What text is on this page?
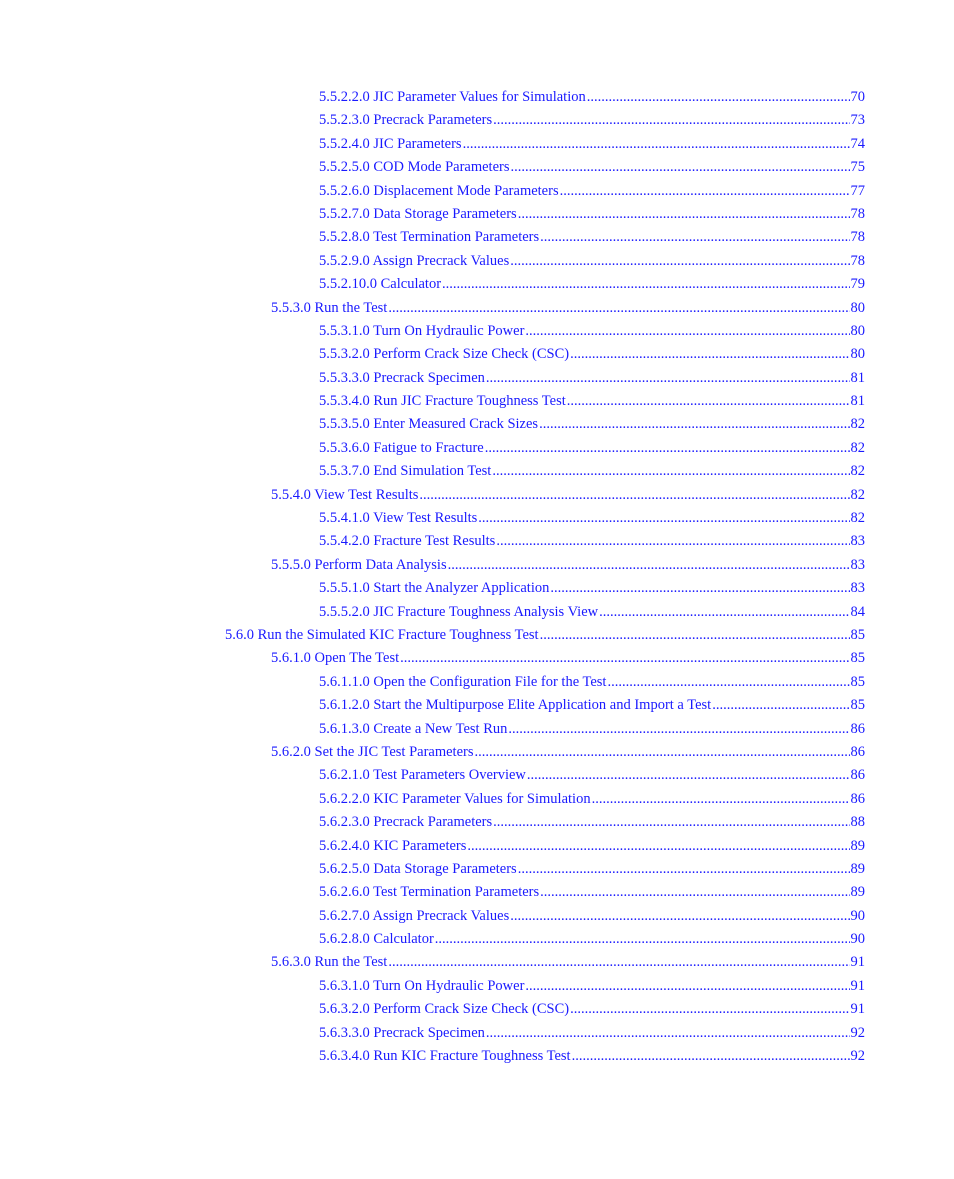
5.5.2.2.0 JIC Parameter Values for Simulation .....	70
5.5.2.3.0 Precrack Parameters .....	73
5.5.2.4.0 JIC Parameters .....	74
5.5.2.5.0 COD Mode Parameters .....	75
5.5.2.6.0 Displacement Mode Parameters .....	77
5.5.2.7.0 Data Storage Parameters .....	78
5.5.2.8.0 Test Termination Parameters .....	78
5.5.2.9.0 Assign Precrack Values .....	78
5.5.2.10.0 Calculator .....	79
5.5.3.0 Run the Test .....	80
5.5.3.1.0 Turn On Hydraulic Power .....	80
5.5.3.2.0 Perform Crack Size Check (CSC) .....	80
5.5.3.3.0 Precrack Specimen .....	81
5.5.3.4.0 Run JIC Fracture Toughness Test .....	81
5.5.3.5.0 Enter Measured Crack Sizes .....	82
5.5.3.6.0 Fatigue to Fracture .....	82
5.5.3.7.0 End Simulation Test .....	82
5.5.4.0 View Test Results .....	82
5.5.4.1.0 View Test Results .....	82
5.5.4.2.0 Fracture Test Results .....	83
5.5.5.0 Perform Data Analysis .....	83
5.5.5.1.0 Start the Analyzer Application .....	83
5.5.5.2.0 JIC Fracture Toughness Analysis View .....	84
5.6.0 Run the Simulated KIC Fracture Toughness Test .....	85
5.6.1.0 Open The Test .....	85
5.6.1.1.0 Open the Configuration File for the Test .....	85
5.6.1.2.0 Start the Multipurpose Elite Application and Import a Test .....	85
5.6.1.3.0 Create a New Test Run .....	86
5.6.2.0 Set the JIC Test Parameters .....	86
5.6.2.1.0 Test Parameters Overview .....	86
5.6.2.2.0 KIC Parameter Values for Simulation .....	86
5.6.2.3.0 Precrack Parameters .....	88
5.6.2.4.0 KIC Parameters .....	89
5.6.2.5.0 Data Storage Parameters .....	89
5.6.2.6.0 Test Termination Parameters .....	89
5.6.2.7.0 Assign Precrack Values .....	90
5.6.2.8.0 Calculator .....	90
5.6.3.0 Run the Test .....	91
5.6.3.1.0 Turn On Hydraulic Power .....	91
5.6.3.2.0 Perform Crack Size Check (CSC) .....	91
5.6.3.3.0 Precrack Specimen .....	92
5.6.3.4.0 Run KIC Fracture Toughness Test .....	92
